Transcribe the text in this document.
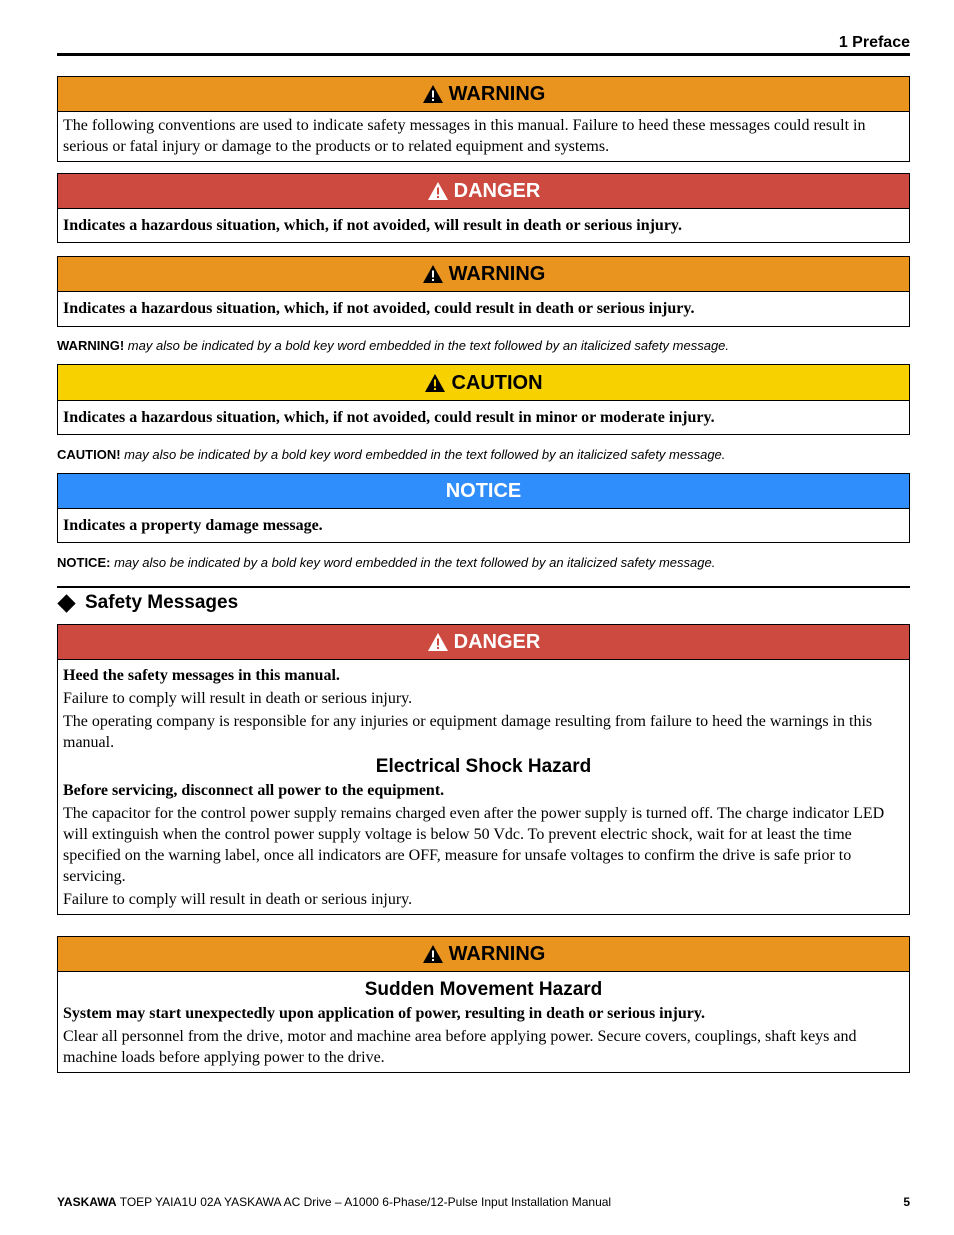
1 Preface
WARNING

The following conventions are used to indicate safety messages in this manual. Failure to heed these messages could result in serious or fatal injury or damage to the products or to related equipment and systems.

DANGER

Indicates a hazardous situation, which, if not avoided, will result in death or serious injury.

WARNING

Indicates a hazardous situation, which, if not avoided, could result in death or serious injury.

WARNING! may also be indicated by a bold key word embedded in the text followed by an italicized safety message.
CAUTION

Indicates a hazardous situation, which, if not avoided, could result in minor or moderate injury.

CAUTION! may also be indicated by a bold key word embedded in the text followed by an italicized safety message.
NOTICE

Indicates a property damage message.

NOTICE: may also be indicated by a bold key word embedded in the text followed by an italicized safety message.
Safety Messages
DANGER

Heed the safety messages in this manual.

Failure to comply will result in death or serious injury.

The operating company is responsible for any injuries or equipment damage resulting from failure to heed the warnings in this manual.

Electrical Shock Hazard

Before servicing, disconnect all power to the equipment.

The capacitor for the control power supply remains charged even after the power supply is turned off. The charge indicator LED will extinguish when the control power supply voltage is below 50 Vdc. To prevent electric shock, wait for at least the time specified on the warning label, once all indicators are OFF, measure for unsafe voltages to confirm the drive is safe prior to servicing.

Failure to comply will result in death or serious injury.

WARNING
Sudden Movement Hazard

System may start unexpectedly upon application of power, resulting in death or serious injury.

Clear all personnel from the drive, motor and machine area before applying power. Secure covers, couplings, shaft keys and machine loads before applying power to the drive.

YASKAWA TOEP YAIA1U 02A YASKAWA AC Drive – A1000 6-Phase/12-Pulse Input Installation Manual	5
